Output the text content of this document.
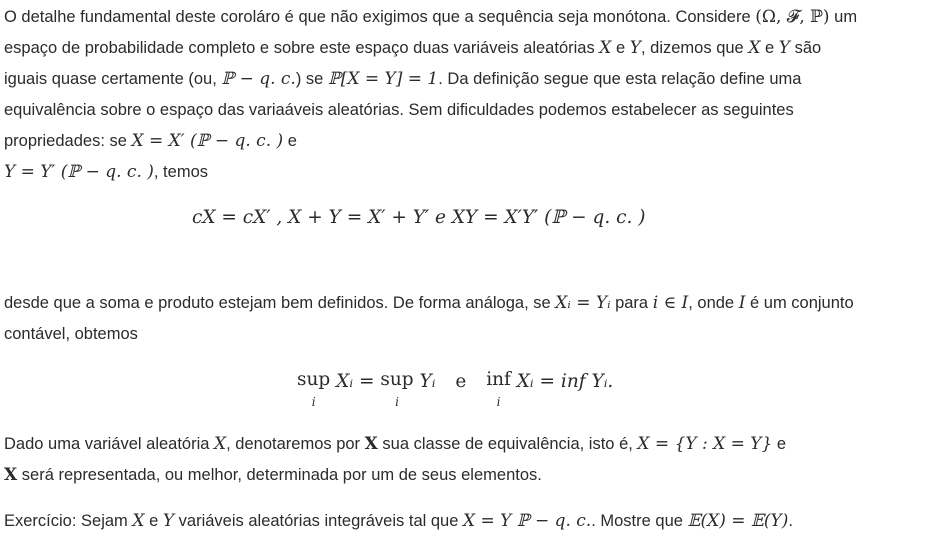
O detalhe fundamental deste coroláro é que não exigimos que a sequência seja monótona. Considere (Ω, 𝓕, ℙ) um
espaço de probabilidade completo e sobre este espaço duas variáveis aleatórias X e Y, dizemos que X e Y são
iguais quase certamente (ou, ℙ − q. c.) se ℙ[X = Y] = 1. Da definição segue que esta relação define uma
equivalência sobre o espaço das variaáveis aleatórias. Sem dificuldades podemos estabelecer as seguintes
propriedades: se X = X′ (ℙ − q. c. ) e
Y = Y′ (ℙ − q. c. ), temos
cX = cX′ , X + Y = X′ + Y′ e XY = X′Y′ (ℙ − q. c. )
desde que a soma e produto estejam bem definidos. De forma análoga, se Xᵢ = Yᵢ para i ∈ I, onde I é um conjunto
contável, obtemos
sup
i
Xᵢ = sup
i
Yᵢ e inf
i
Xᵢ = inf Yᵢ.
Dado uma variável aleatória X, denotaremos por X sua classe de equivalência, isto é, X = {Y : X = Y} e
X será representada, ou melhor, determinada por um de seus elementos.
Exercício: Sejam X e Y variáveis aleatórias integráveis tal que X = Y ℙ − q. c.. Mostre que 𝔼(X) = 𝔼(Y).
